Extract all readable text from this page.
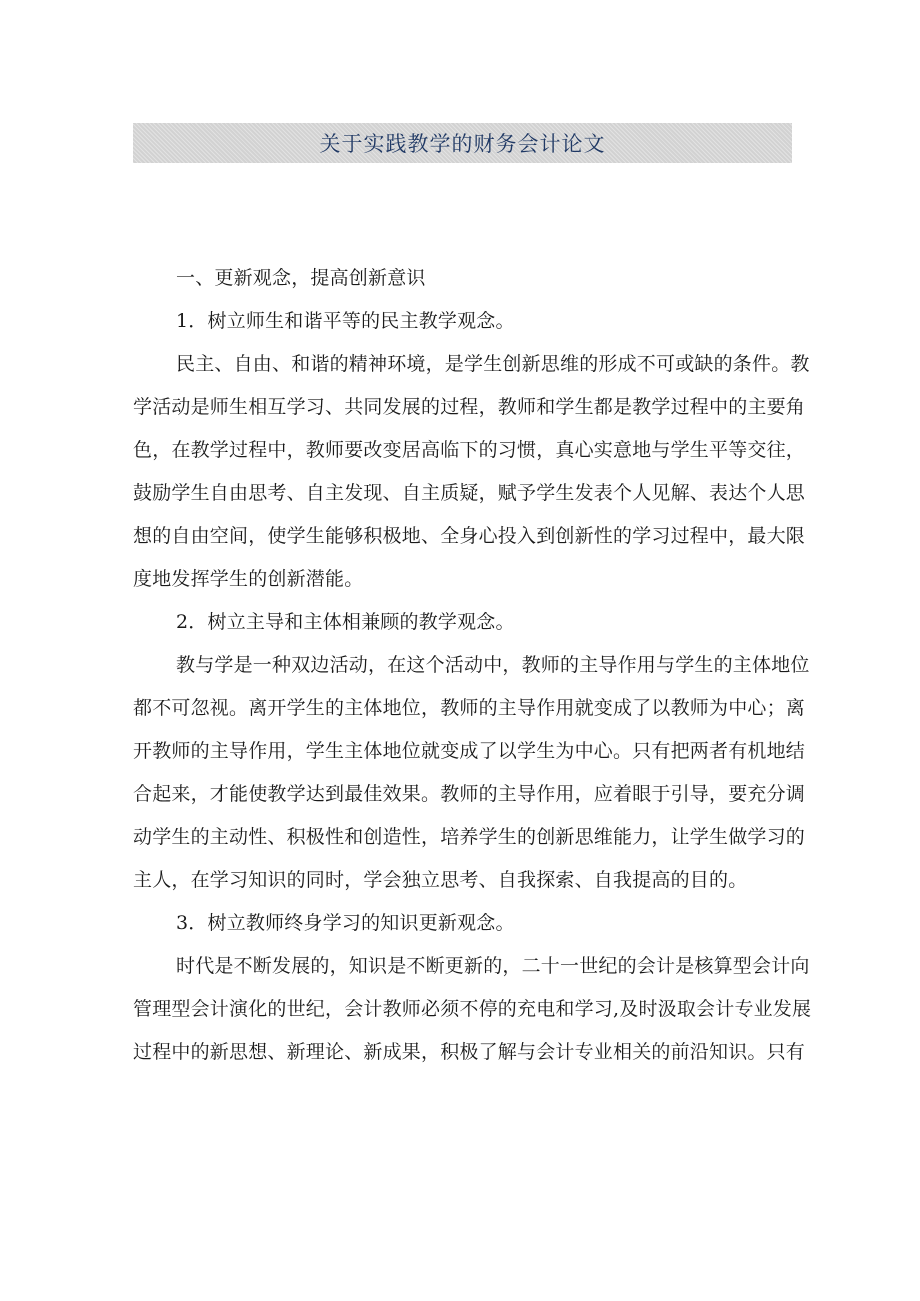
关于实践教学的财务会计论文
一、更新观念，提高创新意识
1．树立师生和谐平等的民主教学观念。
民主、自由、和谐的精神环境，是学生创新思维的形成不可或缺的条件。教
学活动是师生相互学习、共同发展的过程，教师和学生都是教学过程中的主要角
色，在教学过程中，教师要改变居高临下的习惯，真心实意地与学生平等交往，
鼓励学生自由思考、自主发现、自主质疑，赋予学生发表个人见解、表达个人思
想的自由空间，使学生能够积极地、全身心投入到创新性的学习过程中，最大限
度地发挥学生的创新潜能。
2．树立主导和主体相兼顾的教学观念。
教与学是一种双边活动，在这个活动中，教师的主导作用与学生的主体地位
都不可忽视。离开学生的主体地位，教师的主导作用就变成了以教师为中心；离
开教师的主导作用，学生主体地位就变成了以学生为中心。只有把两者有机地结
合起来，才能使教学达到最佳效果。教师的主导作用，应着眼于引导，要充分调
动学生的主动性、积极性和创造性，培养学生的创新思维能力，让学生做学习的
主人，在学习知识的同时，学会独立思考、自我探索、自我提高的目的。
3．树立教师终身学习的知识更新观念。
时代是不断发展的，知识是不断更新的，二十一世纪的会计是核算型会计向
管理型会计演化的世纪，会计教师必须不停的充电和学习,及时汲取会计专业发展
过程中的新思想、新理论、新成果，积极了解与会计专业相关的前沿知识。只有
